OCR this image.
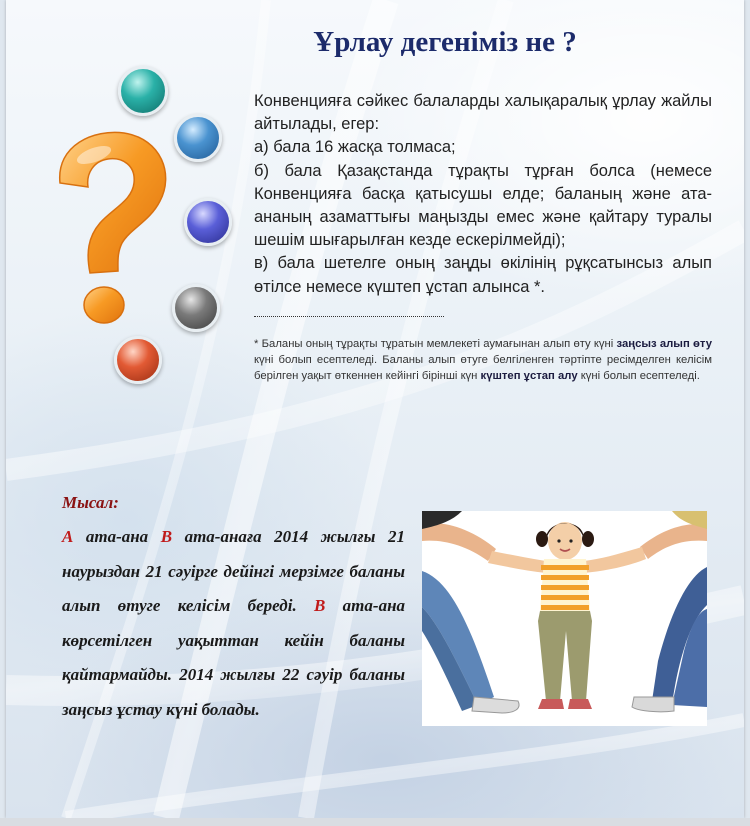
Ұрлау дегеніміз не ?

Конвенцияға сәйкес балаларды халықаралық ұрлау жайлы айтылады, егер:

а) бала 16 жасқа толмаса;

б) бала Қазақстанда тұрақты тұрған болса (немесе Конвенцияға басқа қатысушы елде; баланың және ата-ананың азаматтығы маңызды емес және қайтару туралы шешім шығарылған кезде ескерілмейді);

в) бала шетелге оның заңды өкілінің рұқсатынсыз алып өтілсе немесе күштеп ұстап алынса *.

* Баланы оның тұрақты тұратын мемлекеті аумағынан алып өту күні заңсыз алып өту күні болып есептеледі. Баланы алып өтуге белгіленген тәртіпте ресімделген келісім берілген уақыт өткеннен кейінгі біріншi күн күштеп ұстап алу күні болып есептеледі.
Мысал:

А ата-ана В ата-анаға 2014 жылғы 21 наурыздан 21 сәуірге дейінгі мерзімге баланы алып өтуге келісім береді. В ата-ана көрсетілген уақыттан кейін баланы қайтармайды. 2014 жылғы 22 сәуір баланы заңсыз ұстау күні болады.
